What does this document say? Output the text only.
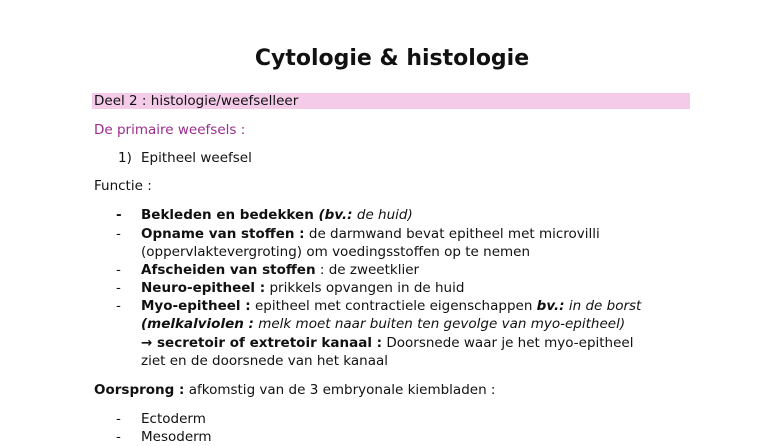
Cytologie & histologie
Deel 2 : histologie/weefselleer
De primaire weefsels :
1) Epitheel weefsel
Functie :
- Bekleden en bedekken (bv.: de huid)
- Opname van stoffen : de darmwand bevat epitheel met microvilli
(oppervlaktevergroting) om voedingsstoffen op te nemen
- Afscheiden van stoffen : de zweetklier
- Neuro-epitheel : prikkels opvangen in de huid
- Myo-epitheel : epitheel met contractiele eigenschappen bv.: in de borst
(melkalviolen : melk moet naar buiten ten gevolge van myo-epitheel)
→ secretoir of extretoir kanaal : Doorsnede waar je het myo-epitheel
ziet en de doorsnede van het kanaal
Oorsprong : afkomstig van de 3 embryonale kiembladen :
- Ectoderm
- Mesoderm
